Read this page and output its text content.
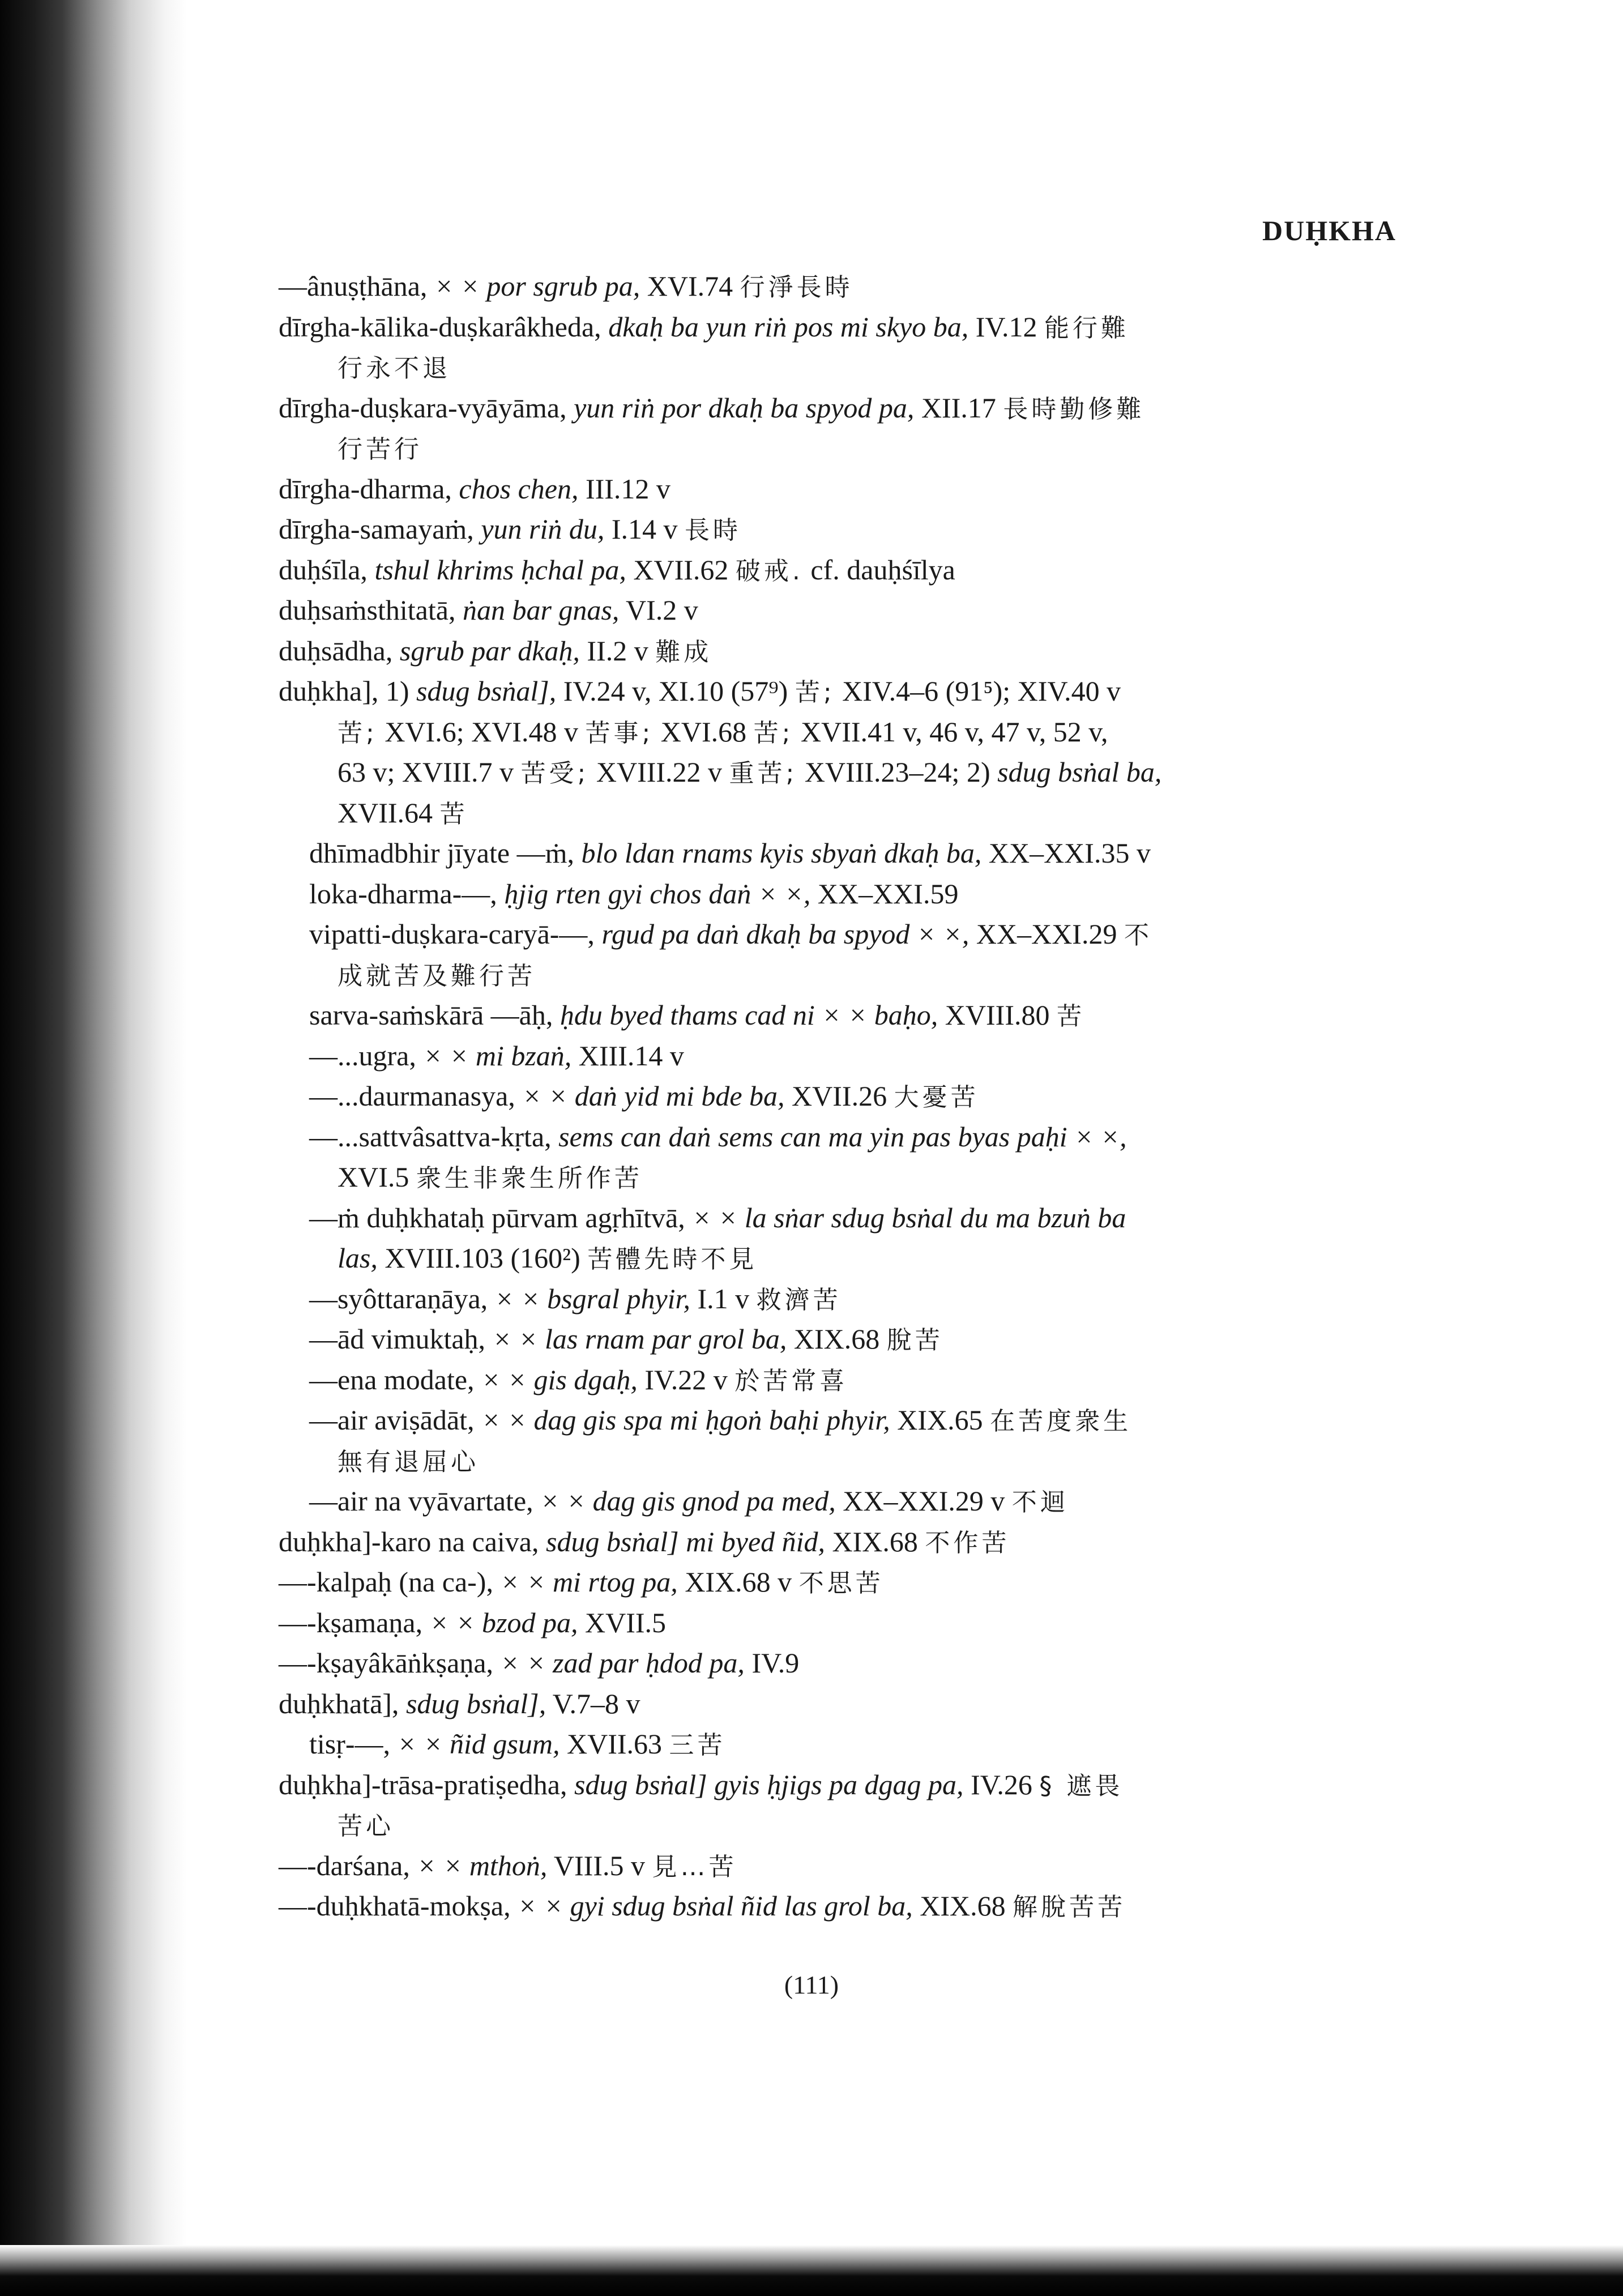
DUḤKHA
—ânuṣṭhāna, × × por sgrub pa, XVI.74 行淨長時
dīrgha-kālika-duṣkarâkheda, dkaḥ ba yun riṅ pos mi skyo ba, IV.12 能行難
行永不退
dīrgha-duṣkara-vyāyāma, yun riṅ por dkaḥ ba spyod pa, XII.17 長時勤修難
行苦行
dīrgha-dharma, chos chen, III.12 v
dīrgha-samayaṁ, yun riṅ du, I.14 v 長時
duḥśīla, tshul khrims ḥchal pa, XVII.62 破戒. cf. dauḥśīlya
duḥsaṁsthitatā, ṅan bar gnas, VI.2 v
duḥsādha, sgrub par dkaḥ, II.2 v 難成
duḥkha], 1) sdug bsṅal], IV.24 v, XI.10 (57⁹) 苦; XIV.4–6 (91⁵); XIV.40 v
苦; XVI.6; XVI.48 v 苦事; XVI.68 苦; XVII.41 v, 46 v, 47 v, 52 v,
63 v; XVIII.7 v 苦受; XVIII.22 v 重苦; XVIII.23–24; 2) sdug bsṅal ba,
XVII.64 苦
dhīmadbhir jīyate —ṁ, blo ldan rnams kyis sbyaṅ dkaḥ ba, XX–XXI.35 v
loka-dharma-—, ḥjig rten gyi chos daṅ × ×, XX–XXI.59
vipatti-duṣkara-caryā-—, rgud pa daṅ dkaḥ ba spyod × ×, XX–XXI.29 不
成就苦及難行苦
sarva-saṁskārā —āḥ, ḥdu byed thams cad ni × × baḥo, XVIII.80 苦
—...ugra, × × mi bzaṅ, XIII.14 v
—...daurmanasya, × × daṅ yid mi bde ba, XVII.26 大憂苦
—...sattvâsattva-kṛta, sems can daṅ sems can ma yin pas byas paḥi × ×,
XVI.5 衆生非衆生所作苦
—ṁ duḥkhataḥ pūrvam agṛhītvā, × × la sṅar sdug bsṅal du ma bzuṅ ba
las, XVIII.103 (160²) 苦體先時不見
—syôttaraṇāya, × × bsgral phyir, I.1 v 救濟苦
—ād vimuktaḥ, × × las rnam par grol ba, XIX.68 脫苦
—ena modate, × × gis dgaḥ, IV.22 v 於苦常喜
—air aviṣādāt, × × dag gis spa mi ḥgoṅ baḥi phyir, XIX.65 在苦度衆生
無有退屈心
—air na vyāvartate, × × dag gis gnod pa med, XX–XXI.29 v 不迴
duḥkha]-karo na caiva, sdug bsṅal] mi byed ñid, XIX.68 不作苦
—-kalpaḥ (na ca-), × × mi rtog pa, XIX.68 v 不思苦
—-kṣamaṇa, × × bzod pa, XVII.5
—-kṣayâkāṅkṣaṇa, × × zad par ḥdod pa, IV.9
duḥkhatā], sdug bsṅal], V.7–8 v
tisṛ-—, × × ñid gsum, XVII.63 三苦
duḥkha]-trāsa-pratiṣedha, sdug bsṅal] gyis ḥjigs pa dgag pa, IV.26 § 遮畏
苦心
—-darśana, × × mthoṅ, VIII.5 v 見…苦
—-duḥkhatā-mokṣa, × × gyi sdug bsṅal ñid las grol ba, XIX.68 解脫苦苦
(111)
